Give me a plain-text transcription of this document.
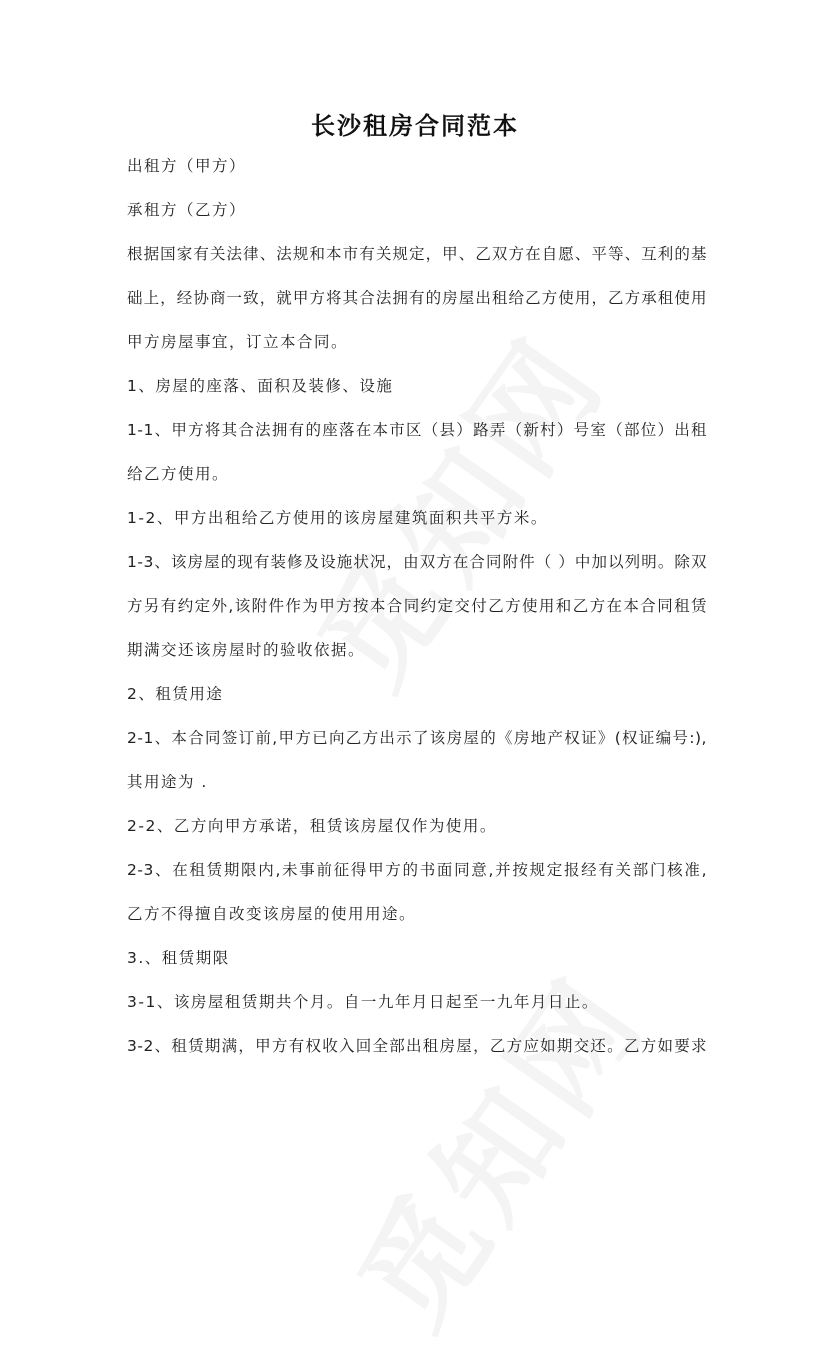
长沙租房合同范本
出租方（甲方）
承租方（乙方）
根据国家有关法律、法规和本市有关规定，甲、乙双方在自愿、平等、互利的基
础上，经协商一致，就甲方将其合法拥有的房屋出租给乙方使用，乙方承租使用
甲方房屋事宜，订立本合同。
1、房屋的座落、面积及装修、设施
1-1、甲方将其合法拥有的座落在本市区（县）路弄（新村）号室（部位）出租
给乙方使用。
1-2、甲方出租给乙方使用的该房屋建筑面积共平方米。
1-3、该房屋的现有装修及设施状况，由双方在合同附件（ ）中加以列明。除双
方另有约定外,该附件作为甲方按本合同约定交付乙方使用和乙方在本合同租赁
期满交还该房屋时的验收依据。
2、租赁用途
2-1、本合同签订前,甲方已向乙方出示了该房屋的《房地产权证》(权证编号:),
其用途为 .
2-2、乙方向甲方承诺，租赁该房屋仅作为使用。
2-3、在租赁期限内,未事前征得甲方的书面同意,并按规定报经有关部门核准,
乙方不得擅自改变该房屋的使用用途。
3.、租赁期限
3-1、该房屋租赁期共个月。自一九年月日起至一九年月日止。
3-2、租赁期满，甲方有权收入回全部出租房屋，乙方应如期交还。乙方如要求
